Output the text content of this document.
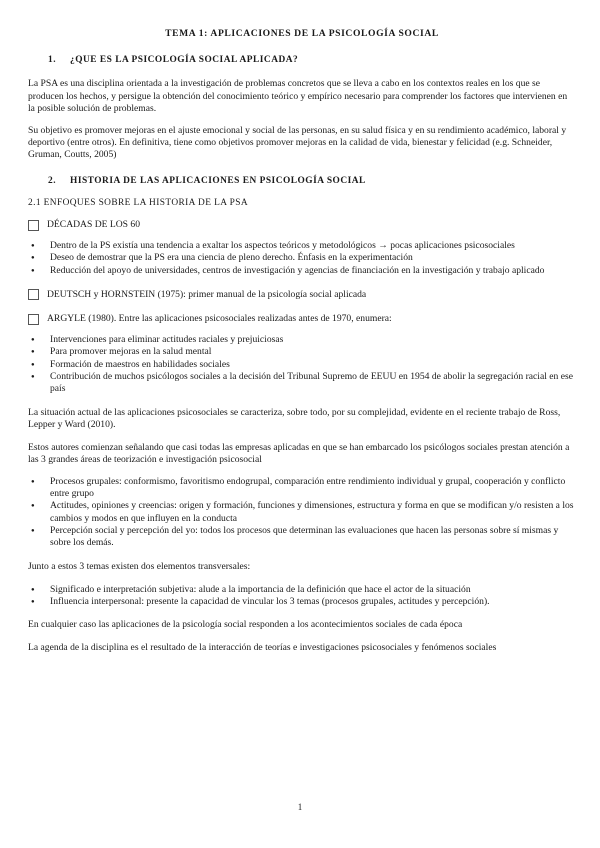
TEMA 1: APLICACIONES DE LA PSICOLOGÍA SOCIAL
1. ¿QUE ES LA PSICOLOGÍA SOCIAL APLICADA?

La PSA es una disciplina orientada a la investigación de problemas concretos que se lleva a cabo en los contextos reales en los que se producen los hechos, y persigue la obtención del conocimiento teórico y empírico necesario para comprender los factores que intervienen en la posible solución de problemas.

Su objetivo es promover mejoras en el ajuste emocional y social de las personas, en su salud física y en su rendimiento académico, laboral y deportivo (entre otros). En definitiva, tiene como objetivos promover mejoras en la calidad de vida, bienestar y felicidad (e.g. Schneider, Gruman, Coutts, 2005)

2. HISTORIA DE LAS APLICACIONES EN PSICOLOGÍA SOCIAL
2.1 ENFOQUES SOBRE LA HISTORIA DE LA PSA
DÉCADAS DE LOS 60
● Dentro de la PS existía una tendencia a exaltar los aspectos teóricos y metodológicos → pocas aplicaciones psicosociales
● Deseo de demostrar que la PS era una ciencia de pleno derecho. Énfasis en la experimentación
● Reducción del apoyo de universidades, centros de investigación y agencias de financiación en la investigación y trabajo aplicado
DEUTSCH y HORNSTEIN (1975): primer manual de la psicología social aplicada
ARGYLE (1980). Entre las aplicaciones psicosociales realizadas antes de 1970, enumera:
● Intervenciones para eliminar actitudes raciales y prejuiciosas
● Para promover mejoras en la salud mental
● Formación de maestros en habilidades sociales
● Contribución de muchos psicólogos sociales a la decisión del Tribunal Supremo de EEUU en 1954 de abolir la segregación racial en ese país

La situación actual de las aplicaciones psicosociales se caracteriza, sobre todo, por su complejidad, evidente en el reciente trabajo de Ross, Lepper y Ward (2010).

Estos autores comienzan señalando que casi todas las empresas aplicadas en que se han embarcado los psicólogos sociales prestan atención a las 3 grandes áreas de teorización e investigación psicosocial

● Procesos grupales: conformismo, favoritismo endogrupal, comparación entre rendimiento individual y grupal, cooperación y conflicto entre grupo
● Actitudes, opiniones y creencias: origen y formación, funciones y dimensiones, estructura y forma en que se modifican y/o resisten a los cambios y modos en que influyen en la conducta
● Percepción social y percepción del yo: todos los procesos que determinan las evaluaciones que hacen las personas sobre sí mismas y sobre los demás.

Junto a estos 3 temas existen dos elementos transversales:

● Significado e interpretación subjetiva: alude a la importancia de la definición que hace el actor de la situación
● Influencia interpersonal: presente la capacidad de vincular los 3 temas (procesos grupales, actitudes y percepción).

En cualquier caso las aplicaciones de la psicología social responden a los acontecimientos sociales de cada época

La agenda de la disciplina es el resultado de la interacción de teorías e investigaciones psicosociales y fenómenos sociales

1
